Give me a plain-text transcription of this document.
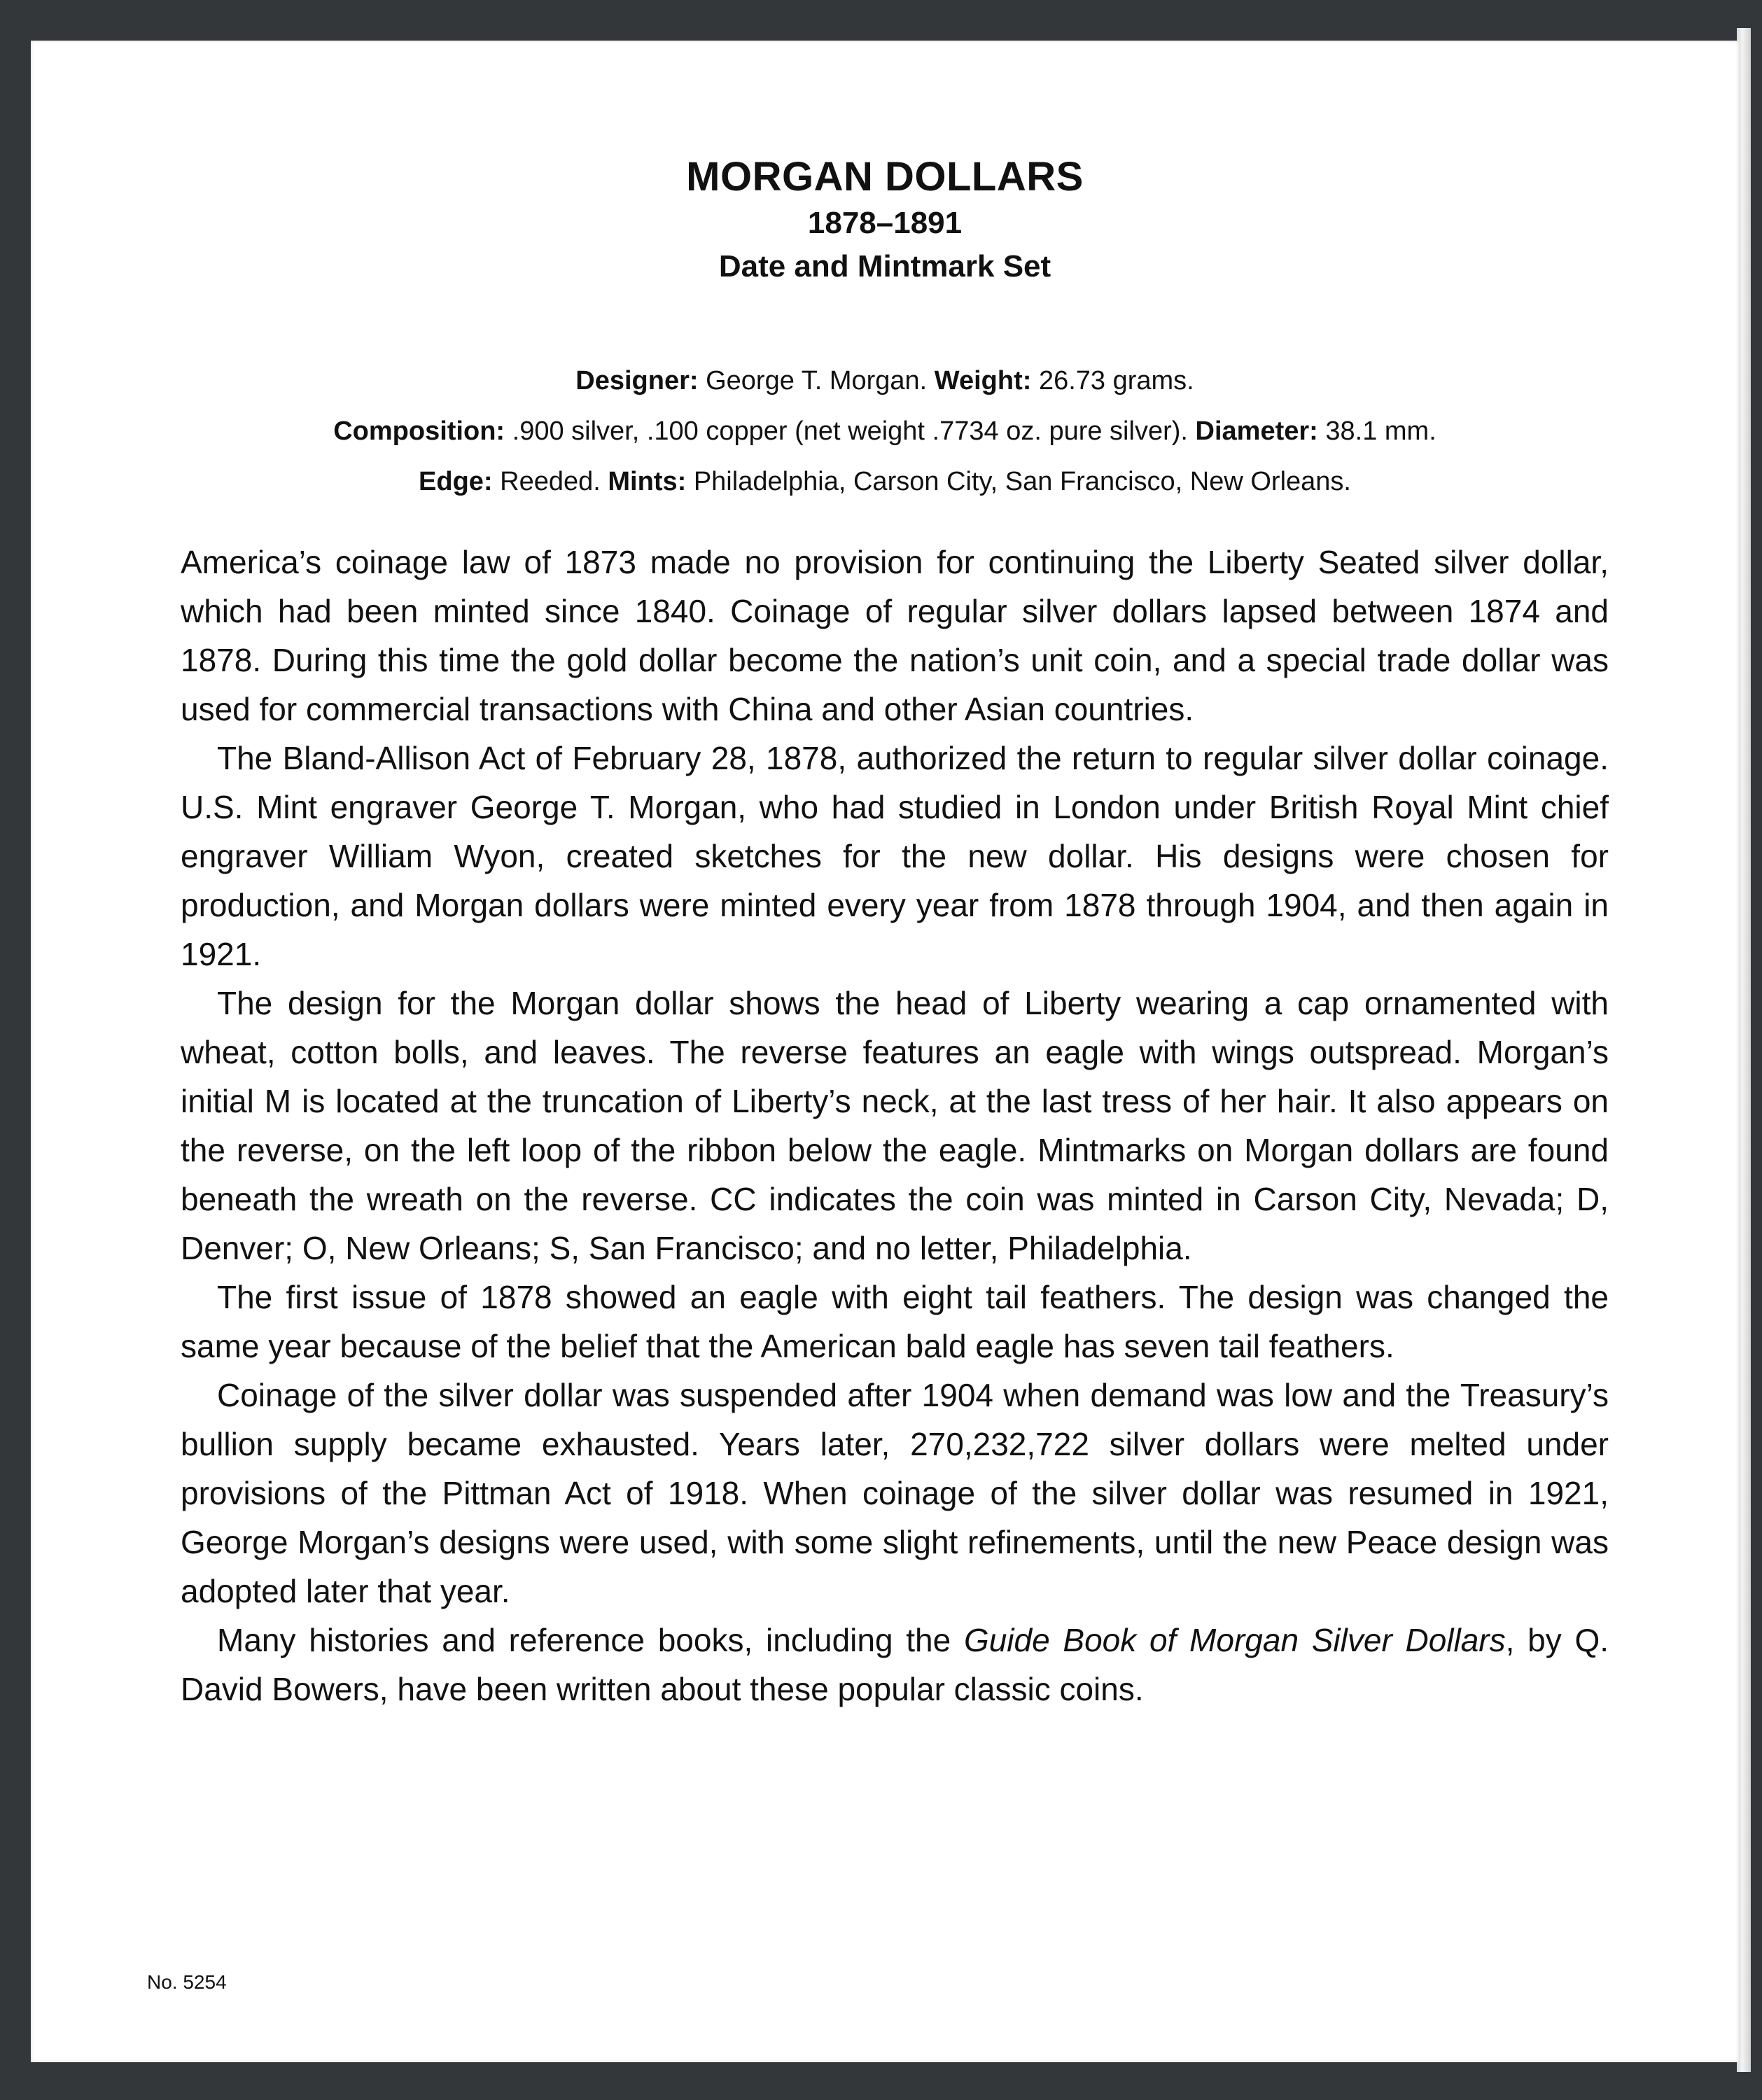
MORGAN DOLLARS
1878–1891
Date and Mintmark Set
Designer: George T. Morgan. Weight: 26.73 grams.
Composition: .900 silver, .100 copper (net weight .7734 oz. pure silver). Diameter: 38.1 mm.
Edge: Reeded. Mints: Philadelphia, Carson City, San Francisco, New Orleans.

America’s coinage law of 1873 made no provision for continuing the Liberty Seated silver dollar, which had been minted since 1840. Coinage of regular silver dollars lapsed between 1874 and 1878. During this time the gold dollar become the nation’s unit coin, and a special trade dollar was used for commercial transactions with China and other Asian countries.

The Bland-Allison Act of February 28, 1878, authorized the return to regular silver dollar coinage. U.S. Mint engraver George T. Morgan, who had studied in London under British Royal Mint chief engraver William Wyon, created sketches for the new dollar. His designs were chosen for production, and Morgan dollars were minted every year from 1878 through 1904, and then again in 1921.

The design for the Morgan dollar shows the head of Liberty wearing a cap ornamented with wheat, cotton bolls, and leaves. The reverse features an eagle with wings outspread. Morgan’s initial M is located at the truncation of Liberty’s neck, at the last tress of her hair. It also appears on the reverse, on the left loop of the ribbon below the eagle. Mintmarks on Morgan dollars are found beneath the wreath on the reverse. CC indicates the coin was minted in Carson City, Nevada; D, Denver; O, New Orleans; S, San Francisco; and no letter, Philadelphia.

The first issue of 1878 showed an eagle with eight tail feathers. The design was changed the same year because of the belief that the American bald eagle has seven tail feathers.

Coinage of the silver dollar was suspended after 1904 when demand was low and the Treasury’s bullion supply became exhausted. Years later, 270,232,722 silver dollars were melted under provisions of the Pittman Act of 1918. When coinage of the silver dollar was resumed in 1921, George Morgan’s designs were used, with some slight refinements, until the new Peace design was adopted later that year.

Many histories and reference books, including the Guide Book of Morgan Silver Dollars, by Q. David Bowers, have been written about these popular classic coins.

No. 5254
